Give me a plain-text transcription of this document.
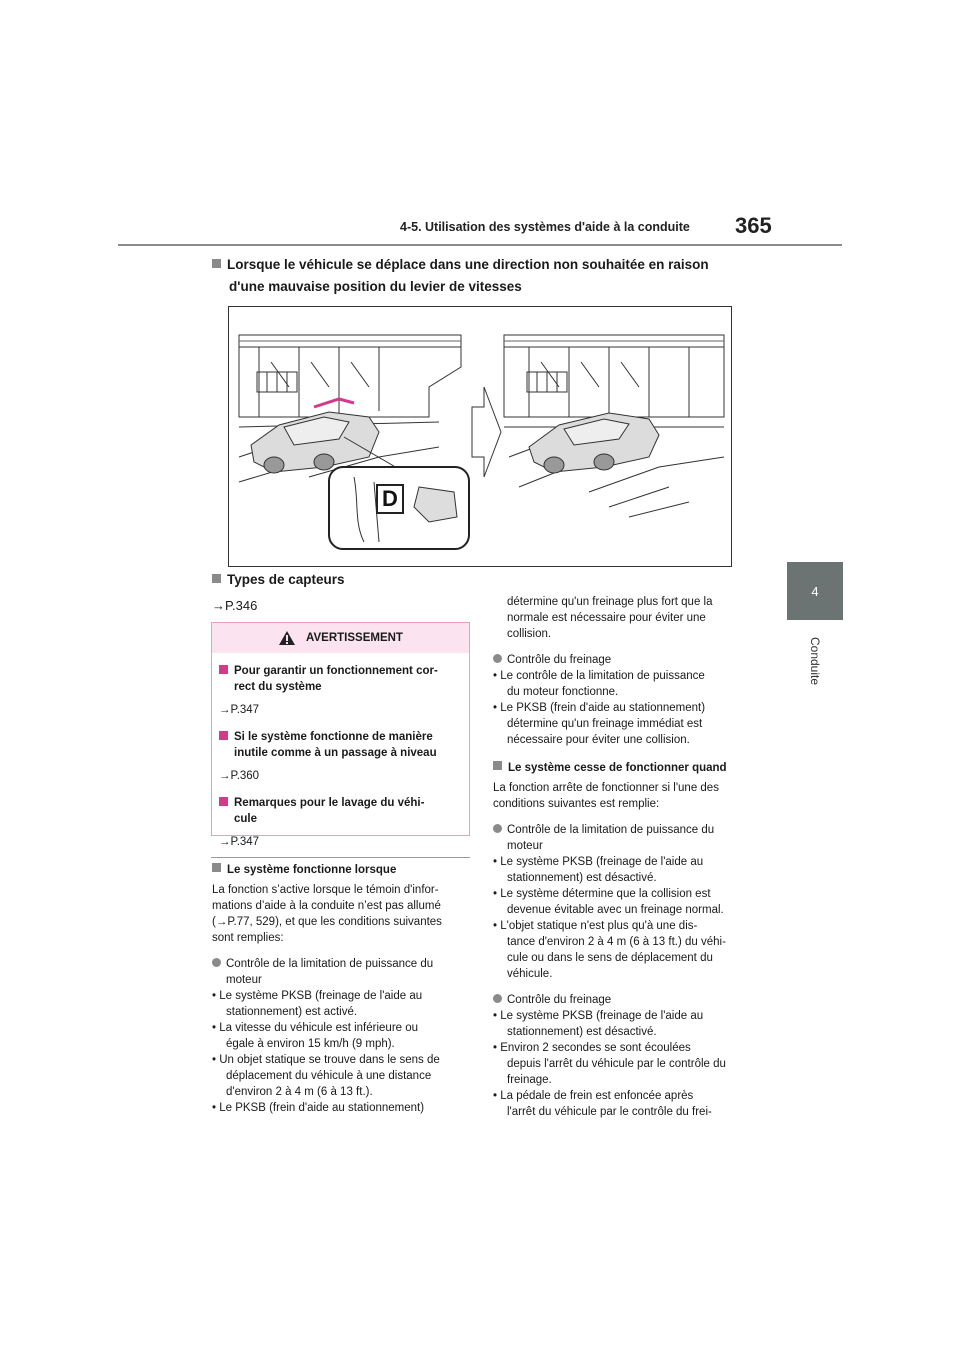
4-5. Utilisation des systèmes d'aide à la conduite 365
4
Conduite
Lorsque le véhicule se déplace dans une direction non souhaitée en raison
d'une mauvaise position du levier de vitesses
D
Types de capteurs
→P.346
AVERTISSEMENT
Pour garantir un fonctionnement cor-
rect du système
→P.347
Si le système fonctionne de manière
inutile comme à un passage à niveau
→P.360
Remarques pour le lavage du véhi-
cule
→P.347
Le système fonctionne lorsque
La fonction s’active lorsque le témoin d'infor-
mations d’aide à la conduite n’est pas allumé
(→P.77, 529), et que les conditions suivantes
sont remplies:
Contrôle de la limitation de puissance du
moteur
• Le système PKSB (freinage de l'aide au
stationnement) est activé.
• La vitesse du véhicule est inférieure ou
égale à environ 15 km/h (9 mph).
• Un objet statique se trouve dans le sens de
déplacement du véhicule à une distance
d'environ 2 à 4 m (6 à 13 ft.).
• Le PKSB (frein d'aide au stationnement)
détermine qu'un freinage plus fort que la
normale est nécessaire pour éviter une
collision.
Contrôle du freinage
• Le contrôle de la limitation de puissance
du moteur fonctionne.
• Le PKSB (frein d'aide au stationnement)
détermine qu'un freinage immédiat est
nécessaire pour éviter une collision.
Le système cesse de fonctionner quand
La fonction arrête de fonctionner si l'une des
conditions suivantes est remplie:
Contrôle de la limitation de puissance du
moteur
• Le système PKSB (freinage de l'aide au
stationnement) est désactivé.
• Le système détermine que la collision est
devenue évitable avec un freinage normal.
• L'objet statique n'est plus qu'à une dis-
tance d'environ 2 à 4 m (6 à 13 ft.) du véhi-
cule ou dans le sens de déplacement du
véhicule.
Contrôle du freinage
• Le système PKSB (freinage de l'aide au
stationnement) est désactivé.
• Environ 2 secondes se sont écoulées
depuis l'arrêt du véhicule par le contrôle du
freinage.
• La pédale de frein est enfoncée après
l'arrêt du véhicule par le contrôle du frei-
